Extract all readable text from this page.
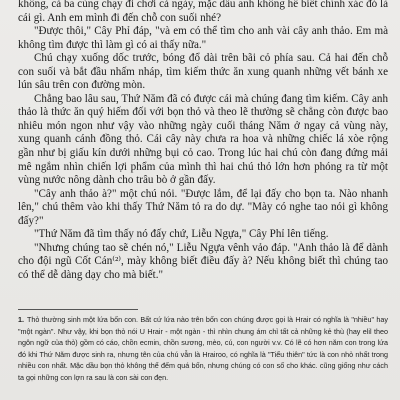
không, cả ba cùng chạy đi chơi cả ngày, mặc dầu anh không hề biết chính xác đó là cái gì. Anh em mình đi đến chỗ con suối nhé?

"Được thôi," Cây Phỉ đáp, "và em có thể tìm cho anh vài cây anh thảo. Em mà không tìm được thì làm gì có ai thấy nữa."

Chú chạy xuống dốc trước, bóng đổ dài trên bãi cỏ phía sau. Cả hai đến chỗ con suối và bắt đầu nhấm nháp, tìm kiếm thức ăn xung quanh những vết bánh xe lún sâu trên con đường mòn.

Chẳng bao lâu sau, Thứ Năm đã có được cái mà chúng đang tìm kiếm. Cây anh thảo là thức ăn quý hiếm đối với bọn thỏ và theo lẽ thường sẽ chẳng còn được bao nhiêu món ngon như vậy vào những ngày cuối tháng Năm ở ngay cả vùng này, xung quanh cánh đồng thỏ. Cái cây này chưa ra hoa và những chiếc lá xòe rộng gần như bị giấu kín dưới những bụi cỏ cao. Trong lúc hai chú còn đang đứng mải mê ngắm nhìn chiến lợi phẩm của mình thì hai chú thỏ lớn hơn phóng ra từ một vùng nước nông dành cho trâu bò ở gần đấy.

"Cây anh thảo à?" một chú nói. "Được lắm, để lại đấy cho bọn ta. Nào nhanh lên," chú thêm vào khi thấy Thứ Năm tỏ ra do dự. "Mày có nghe tao nói gì không đấy?"

"Thứ Năm đã tìm thấy nó đấy chứ, Liễu Ngựa," Cây Phỉ lên tiếng.

"Nhưng chúng tao sẽ chén nó," Liễu Ngựa vênh vảo đáp. "Anh thảo là để dành cho đội ngũ Cốt Cán⁽²⁾, mày không biết điều đấy à? Nếu không biết thì chúng tao có thể dễ dàng dạy cho mà biết."

1. Thỏ thường sinh một lứa bốn con. Bất cứ lứa nào trên bốn con chúng được gọi là Hrair có nghĩa là "nhiều" hay "một ngàn". Như vậy, khi bọn thỏ nói U Hrair - một ngàn - thì nhìn chung ám chỉ tất cả những kẻ thù (hay elil theo ngôn ngữ của thỏ) gồm có cáo, chồn ecmin, chồn sương, mèo, cú, con người v.v. Có lẽ có hơn năm con trong lứa đó khi Thứ Năm được sinh ra, nhưng tên của chú vẫn là Hrairoo, có nghĩa là "Tiểu thiên" tức là con nhỏ nhất trong nhiều con nhất. Mặc dầu bọn thỏ không thể đếm quá bốn, nhưng chúng có con số cho khác. cũng giống như cách ta gọi những con lợn ra sau là con sài con đẹn.
